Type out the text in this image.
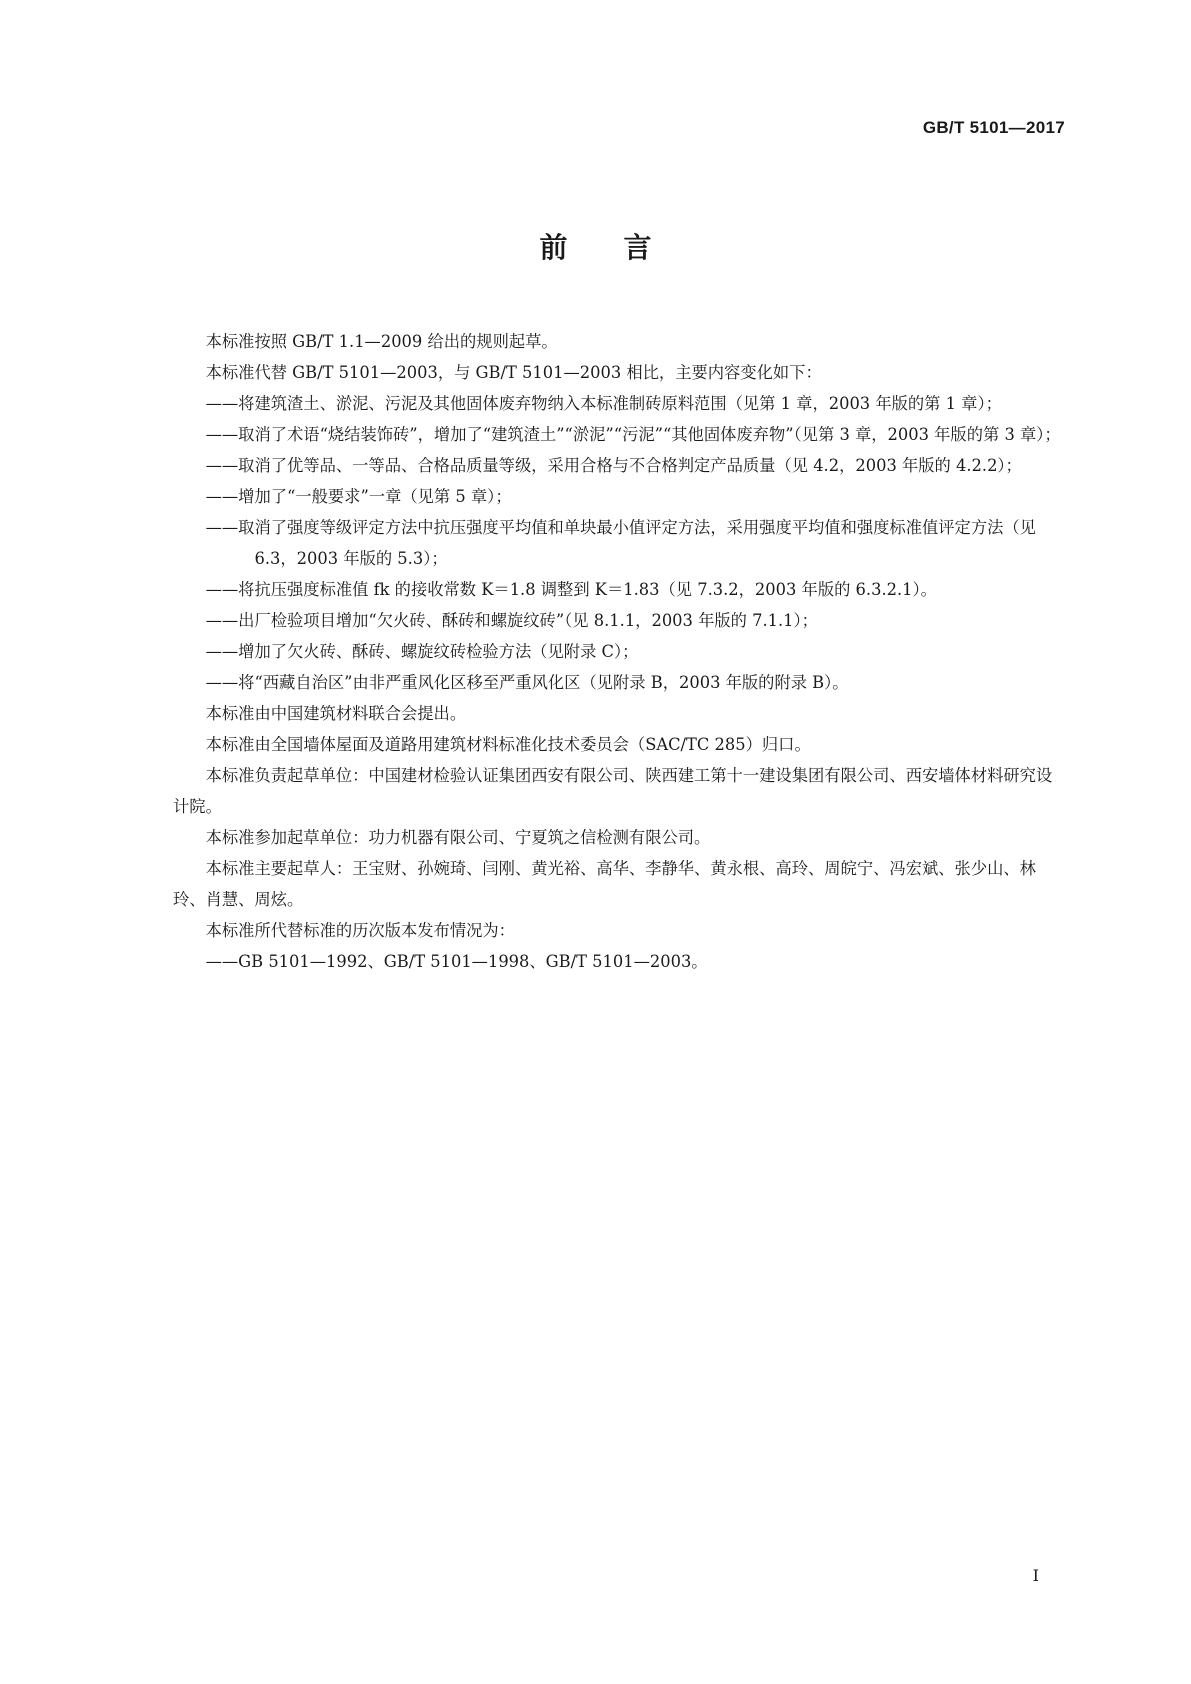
GB/T 5101—2017
前　　言
本标准按照 GB/T 1.1—2009 给出的规则起草。
本标准代替 GB/T 5101—2003，与 GB/T 5101—2003 相比，主要内容变化如下：
——将建筑渣土、淤泥、污泥及其他固体废弃物纳入本标准制砖原料范围（见第 1 章，2003 年版的第 1 章）；
——取消了术语“烧结装饰砖”，增加了“建筑渣土”“淤泥”“污泥”“其他固体废弃物”（见第 3 章，2003 年版的第 3 章）；
——取消了优等品、一等品、合格品质量等级，采用合格与不合格判定产品质量（见 4.2，2003 年版的 4.2.2）；
——增加了“一般要求”一章（见第 5 章）；
——取消了强度等级评定方法中抗压强度平均值和单块最小值评定方法，采用强度平均值和强度标准值评定方法（见 6.3，2003 年版的 5.3）；
——将抗压强度标准值 fk 的接收常数 K＝1.8 调整到 K＝1.83（见 7.3.2，2003 年版的 6.3.2.1）。
——出厂检验项目增加“欠火砖、酥砖和螺旋纹砖”（见 8.1.1，2003 年版的 7.1.1）；
——增加了欠火砖、酥砖、螺旋纹砖检验方法（见附录 C）；
——将“西藏自治区”由非严重风化区移至严重风化区（见附录 B，2003 年版的附录 B）。
本标准由中国建筑材料联合会提出。
本标准由全国墙体屋面及道路用建筑材料标准化技术委员会（SAC/TC 285）归口。
本标准负责起草单位：中国建材检验认证集团西安有限公司、陕西建工第十一建设集团有限公司、西安墙体材料研究设计院。
本标准参加起草单位：功力机器有限公司、宁夏筑之信检测有限公司。
本标准主要起草人：王宝财、孙婉琦、闫刚、黄光裕、高华、李静华、黄永根、高玲、周皖宁、冯宏斌、张少山、林玲、肖慧、周炫。
本标准所代替标准的历次版本发布情况为：
——GB 5101—1992、GB/T 5101—1998、GB/T 5101—2003。
I
